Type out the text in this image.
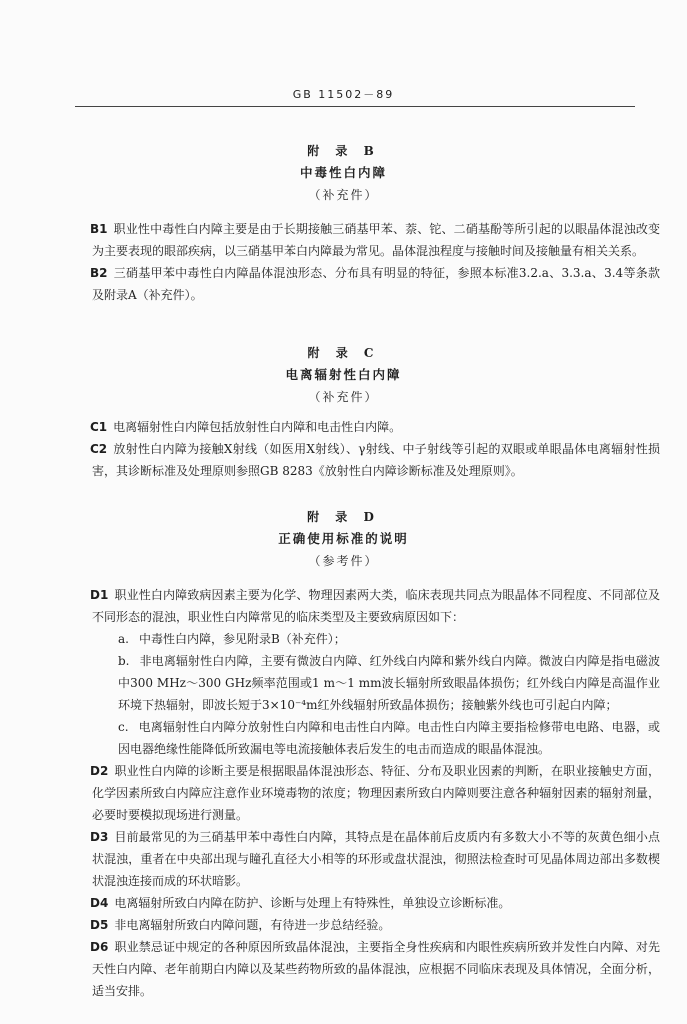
GB 11502－89
附 录 B
中毒性白内障
（补充件）

B1 职业性中毒性白内障主要是由于长期接触三硝基甲苯、萘、铊、二硝基酚等所引起的以眼晶体混浊改变为主要表现的眼部疾病，以三硝基甲苯白内障最为常见。晶体混浊程度与接触时间及接触量有相关关系。

B2 三硝基甲苯中毒性白内障晶体混浊形态、分布具有明显的特征，参照本标准3.2.a、3.3.a、3.4等条款及附录A（补充件）。

附 录 C
电离辐射性白内障
（补充件）

C1 电离辐射性白内障包括放射性白内障和电击性白内障。

C2 放射性白内障为接触X射线（如医用X射线）、γ射线、中子射线等引起的双眼或单眼晶体电离辐射性损害，其诊断标准及处理原则参照GB 8283《放射性白内障诊断标准及处理原则》。

附 录 D
正确使用标准的说明
（参考件）

D1 职业性白内障致病因素主要为化学、物理因素两大类，临床表现共同点为眼晶体不同程度、不同部位及不同形态的混浊，职业性白内障常见的临床类型及主要致病原因如下：

a. 中毒性白内障，参见附录B（补充件）；

b. 非电离辐射性白内障，主要有微波白内障、红外线白内障和紫外线白内障。微波白内障是指电磁波中300 MHz～300 GHz频率范围或1 m～1 mm波长辐射所致眼晶体损伤；红外线白内障是高温作业环境下热辐射，即波长短于3×10⁻⁴m红外线辐射所致晶体损伤；接触紫外线也可引起白内障；

c. 电离辐射性白内障分放射性白内障和电击性白内障。电击性白内障主要指检修带电电路、电器，或因电器绝缘性能降低所致漏电等电流接触体表后发生的电击而造成的眼晶体混浊。

D2 职业性白内障的诊断主要是根据眼晶体混浊形态、特征、分布及职业因素的判断，在职业接触史方面，化学因素所致白内障应注意作业环境毒物的浓度；物理因素所致白内障则要注意各种辐射因素的辐射剂量，必要时要模拟现场进行测量。

D3 目前最常见的为三硝基甲苯中毒性白内障，其特点是在晶体前后皮质内有多数大小不等的灰黄色细小点状混浊，重者在中央部出现与瞳孔直径大小相等的环形或盘状混浊，彻照法检查时可见晶体周边部出多数楔状混浊连接而成的环状暗影。

D4 电离辐射所致白内障在防护、诊断与处理上有特殊性，单独设立诊断标准。

D5 非电离辐射所致白内障问题，有待进一步总结经验。

D6 职业禁忌证中规定的各种原因所致晶体混浊，主要指全身性疾病和内眼性疾病所致并发性白内障、对先天性白内障、老年前期白内障以及某些药物所致的晶体混浊，应根据不同临床表现及具体情况，全面分析，适当安排。
